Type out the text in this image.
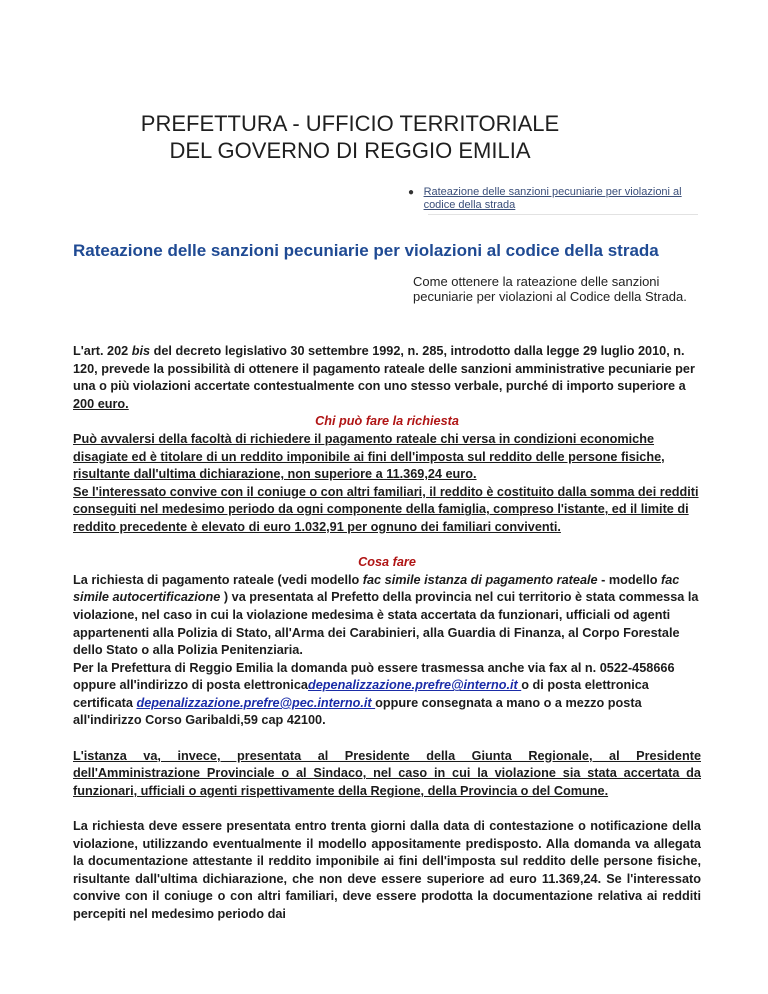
PREFETTURA - UFFICIO TERRITORIALE
DEL GOVERNO DI REGGIO EMILIA
● Rateazione delle sanzioni pecuniarie per violazioni al codice della strada
Rateazione delle sanzioni pecuniarie per violazioni al codice della strada
Come ottenere la rateazione delle sanzioni pecuniarie per violazioni al Codice della Strada.

L'art. 202 bis del decreto legislativo 30 settembre 1992, n. 285, introdotto dalla legge 29 luglio 2010, n. 120, prevede la possibilità di ottenere il pagamento rateale delle sanzioni amministrative pecuniarie per una o più violazioni accertate contestualmente con uno stesso verbale, purché di importo superiore a 200 euro.

Chi può fare la richiesta

Può avvalersi della facoltà di richiedere il pagamento rateale chi versa in condizioni economiche disagiate ed è titolare di un reddito imponibile ai fini dell'imposta sul reddito delle persone fisiche, risultante dall'ultima dichiarazione, non superiore a 11.369,24 euro.

Se l'interessato convive con il coniuge o con altri familiari, il reddito è costituito dalla somma dei redditi conseguiti nel medesimo periodo da ogni componente della famiglia, compreso l'istante, ed il limite di reddito precedente è elevato di euro 1.032,91 per ognuno dei familiari conviventi.

Cosa fare

La richiesta di pagamento rateale (vedi modello fac simile istanza di pagamento rateale - modello fac simile autocertificazione ) va presentata al Prefetto della provincia nel cui territorio è stata commessa la violazione, nel caso in cui la violazione medesima è stata accertata da funzionari, ufficiali od agenti appartenenti alla Polizia di Stato, all'Arma dei Carabinieri, alla Guardia di Finanza, al Corpo Forestale dello Stato o alla Polizia Penitenziaria.

Per la Prefettura di Reggio Emilia la domanda può essere trasmessa anche via fax al n. 0522-458666 oppure all'indirizzo di posta elettronicadepenalizzazione.prefre@interno.it o di posta elettronica certificata depenalizzazione.prefre@pec.interno.it oppure consegnata a mano o a mezzo posta all'indirizzo Corso Garibaldi,59 cap 42100.

L'istanza va, invece, presentata al Presidente della Giunta Regionale, al Presidente dell'Amministrazione Provinciale o al Sindaco, nel caso in cui la violazione sia stata accertata da funzionari, ufficiali o agenti rispettivamente della Regione, della Provincia o del Comune.

La richiesta deve essere presentata entro trenta giorni dalla data di contestazione o notificazione della violazione, utilizzando eventualmente il modello appositamente predisposto. Alla domanda va allegata la documentazione attestante il reddito imponibile ai fini dell'imposta sul reddito delle persone fisiche, risultante dall'ultima dichiarazione, che non deve essere superiore ad euro 11.369,24. Se l'interessato convive con il coniuge o con altri familiari, deve essere prodotta la documentazione relativa ai redditi percepiti nel medesimo periodo dai
